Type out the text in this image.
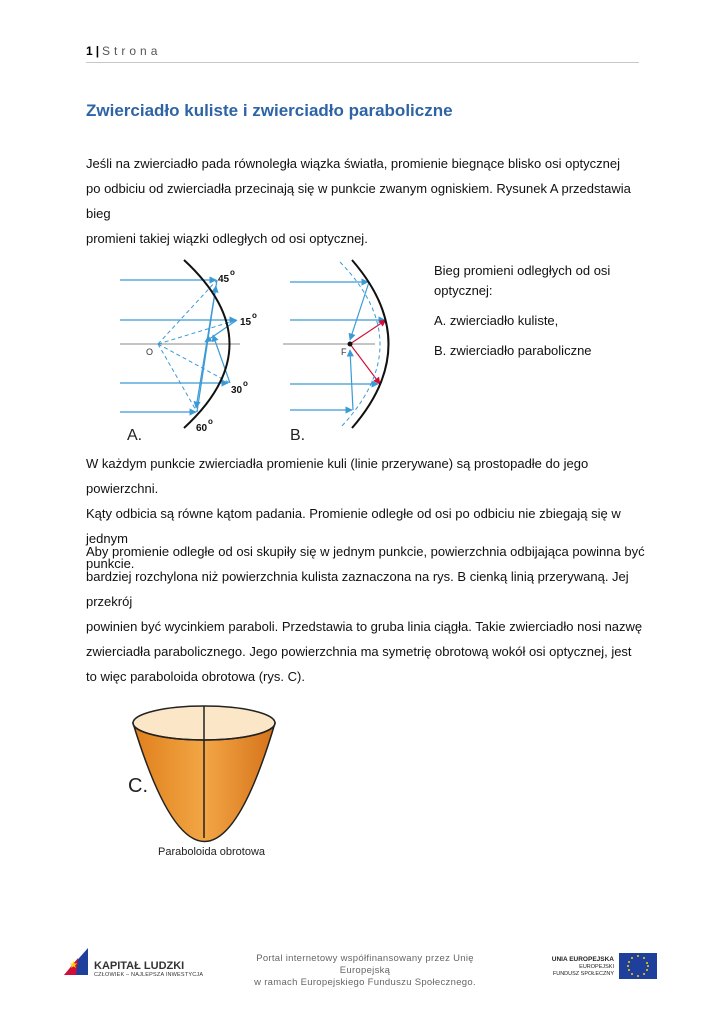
1 | Strona
Zwierciadło kuliste i zwierciadło paraboliczne

Jeśli na zwierciadło pada równoległa wiązka światła, promienie biegnące blisko osi optycznej
po odbiciu od zwierciadła przecinają się w punkcie zwanym ogniskiem. Rysunek A przedstawia bieg
promieni takiej wiązki odległych od osi optycznej.

O
45
o
15
o
30
o
60
o
A.
F
B.
C.
Paraboloida obrotowa
★
Bieg promieni odległych od osi optycznej:
A. zwierciadło kuliste,
B. zwierciadło paraboliczne

W każdym punkcie zwierciadła promienie kuli (linie przerywane) są prostopadłe do jego powierzchni.
Kąty odbicia są równe kątom padania. Promienie odległe od osi po odbiciu nie zbiegają się w jednym
punkcie.

Aby promienie odległe od osi skupiły się w jednym punkcie, powierzchnia odbijająca powinna być
bardziej rozchylona niż powierzchnia kulista zaznaczona na rys. B cienką linią przerywaną. Jej przekrój
powinien być wycinkiem paraboli. Przedstawia to gruba linia ciągła. Takie zwierciadło nosi nazwę
zwierciadła parabolicznego. Jego powierzchnia ma symetrię obrotową wokół osi optycznej, jest
to więc paraboloida obrotowa (rys. C).

KAPITAŁ LUDZKI
CZŁOWIEK – NAJLEPSZA INWESTYCJA
Portal internetowy współfinansowany przez Unię Europejską
w ramach Europejskiego Funduszu Społecznego.
UNIA EUROPEJSKA
EUROPEJSKI
FUNDUSZ SPOŁECZNY
